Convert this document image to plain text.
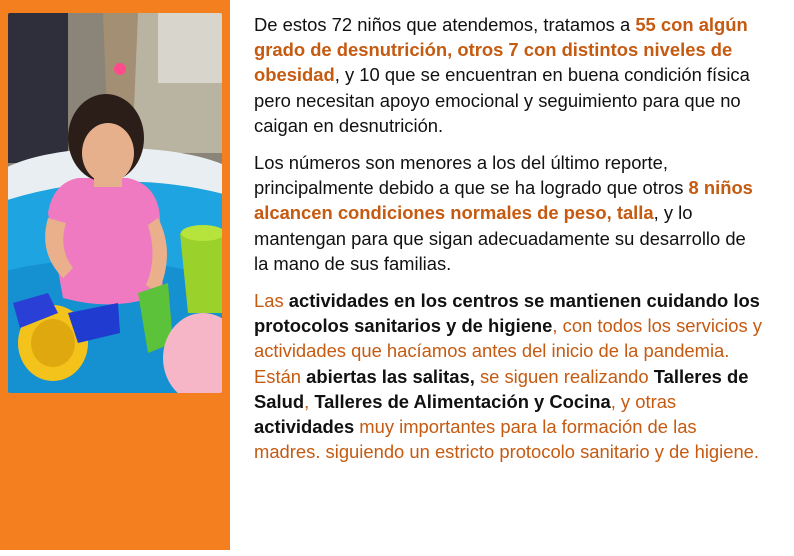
De estos 72 niños que atendemos, tratamos a 55 con algún grado de desnutrición, otros 7 con distintos niveles de obesidad, y 10 que se encuentran en buena condición física pero necesitan apoyo emocional y seguimiento para que no caigan en desnutrición.

Los números son menores a los del último reporte, principalmente debido a que se ha logrado que otros 8 niños alcancen condiciones normales de peso, talla, y lo mantengan para que sigan adecuadamente su desarrollo de la mano de sus familias.

Las actividades en los centros se mantienen cuidando los protocolos sanitarios y de higiene, con todos los servicios y actividades que hacíamos antes del inicio de la pandemia. Están abiertas las salitas, se siguen realizando Talleres de Salud, Talleres de Alimentación y Cocina, y otras actividades muy importantes para la formación de las madres. siguiendo un estricto protocolo sanitario y de higiene.
